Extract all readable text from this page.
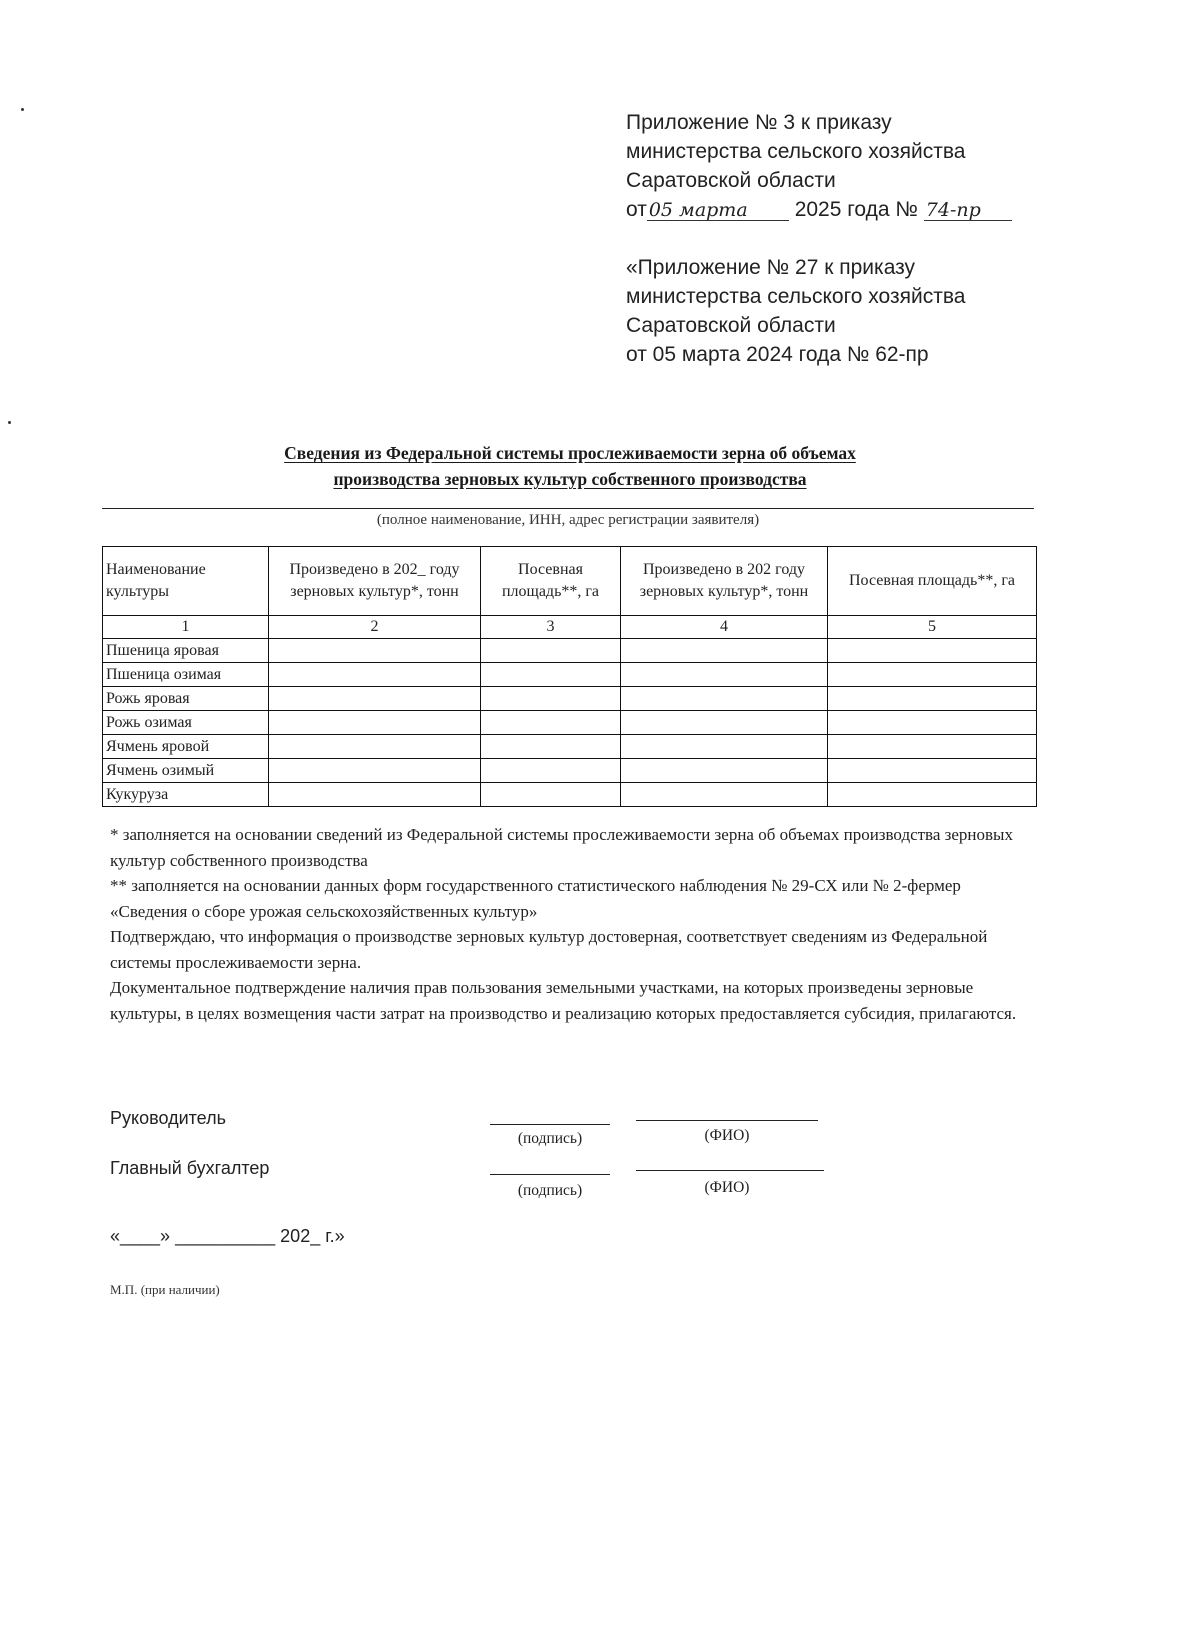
Приложение № 3 к приказу
министерства сельского хозяйства
Саратовской области
от 05 марта 2025 года № 74-пр
«Приложение № 27 к приказу
министерства сельского хозяйства
Саратовской области
от 05 марта 2024 года № 62-пр
Сведения из Федеральной системы прослеживаемости зерна об объемах
производства зерновых культур собственного производства
(полное наименование, ИНН, адрес регистрации заявителя)
Наименование культуры	Произведено в 202_ году зерновых культур*, тонн	Посевная площадь**, га	Произведено в 202 году зерновых культур*, тонн	Посевная площадь**, га
1	2	3	4	5
Пшеница яровая				
Пшеница озимая				
Рожь яровая				
Рожь озимая				
Ячмень яровой				
Ячмень озимый				
Кукуруза				

* заполняется на основании сведений из Федеральной системы прослеживаемости зерна об объемах производства зерновых культур собственного производства

** заполняется на основании данных форм государственного статистического наблюдения № 29-СХ или № 2-фермер «Сведения о сборе урожая сельскохозяйственных культур»

Подтверждаю, что информация о производстве зерновых культур достоверная, соответствует сведениям из Федеральной системы прослеживаемости зерна.

Документальное подтверждение наличия прав пользования земельными участками, на которых произведены зерновые культуры, в целях возмещения части затрат на производство и реализацию которых предоставляется субсидия, прилагаются.

Руководитель
(подпись)	(ФИО)
Главный бухгалтер
(подпись)	(ФИО)
«____» __________ 202_ г.»
М.П. (при наличии)
